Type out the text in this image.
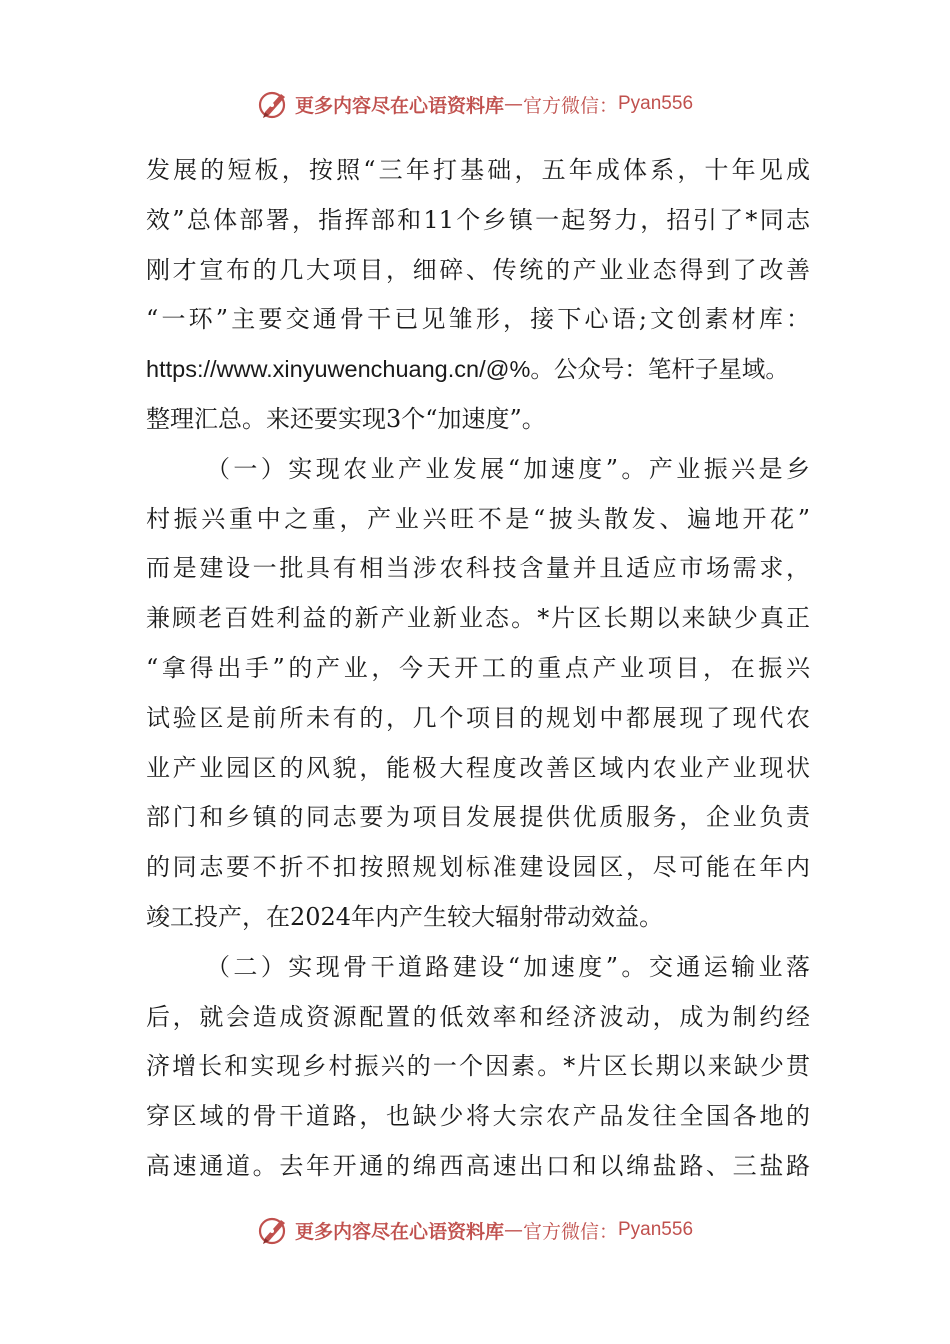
更多内容尽在心语资料库 — 官方微信： Pyan556
发展的短板，按照“三年打基础，五年成体系，十年见成
效”总体部署，指挥部和11个乡镇一起努力，招引了*同志
刚才宣布的几大项目，细碎、传统的产业业态得到了改善
“一环”主要交通骨干已见雏形，接下心语;文创素材库：
https://www.xinyuwenchuang.cn/@%。公众号：笔杆子星域。
整理汇总。来还要实现3个“加速度”。
（一）实现农业产业发展“加速度”。产业振兴是乡
村振兴重中之重，产业兴旺不是“披头散发、遍地开花”
而是建设一批具有相当涉农科技含量并且适应市场需求，
兼顾老百姓利益的新产业新业态。*片区长期以来缺少真正
“拿得出手”的产业，今天开工的重点产业项目，在振兴
试验区是前所未有的，几个项目的规划中都展现了现代农
业产业园区的风貌，能极大程度改善区域内农业产业现状
部门和乡镇的同志要为项目发展提供优质服务，企业负责
的同志要不折不扣按照规划标准建设园区，尽可能在年内
竣工投产，在2024年内产生较大辐射带动效益。
（二）实现骨干道路建设“加速度”。交通运输业落
后，就会造成资源配置的低效率和经济波动，成为制约经
济增长和实现乡村振兴的一个因素。*片区长期以来缺少贯
穿区域的骨干道路，也缺少将大宗农产品发往全国各地的
高速通道。去年开通的绵西高速出口和以绵盐路、三盐路
更多内容尽在心语资料库 — 官方微信： Pyan556
